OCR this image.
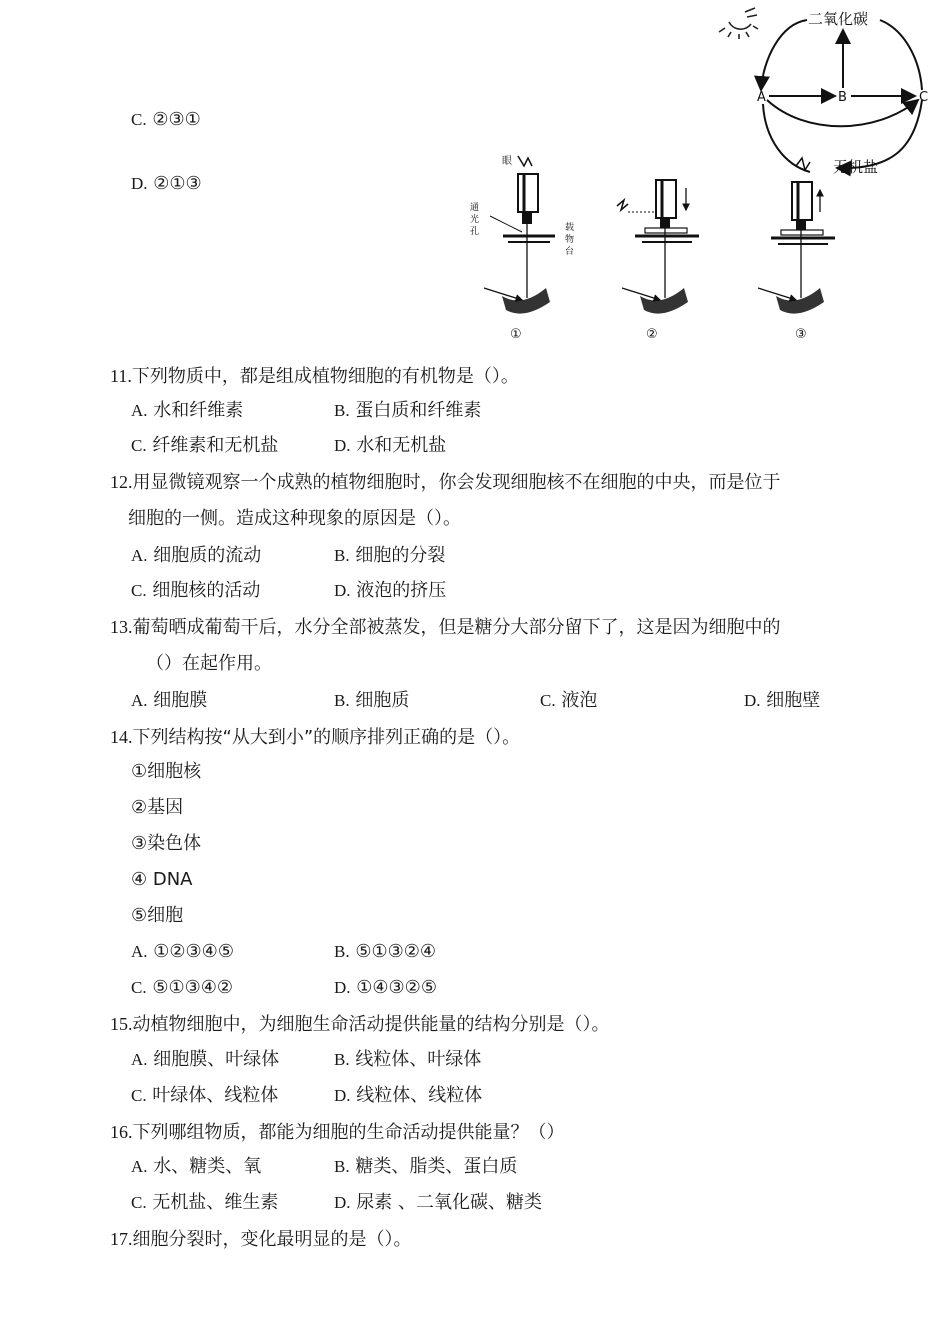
C. ②③①
D. ②①③
二氧化碳
A	B	C
无机盐
眼
通
光
孔	载
物
台
①	②	③
11.下列物质中，都是组成植物细胞的有机物是（）。
A. 水和纤维素	B. 蛋白质和纤维素
C. 纤维素和无机盐	D. 水和无机盐
12.用显微镜观察一个成熟的植物细胞时，你会发现细胞核不在细胞的中央，而是位于
细胞的一侧。造成这种现象的原因是（）。
A. 细胞质的流动	B. 细胞的分裂
C. 细胞核的活动	D. 液泡的挤压
13.葡萄晒成葡萄干后，水分全部被蒸发，但是糖分大部分留下了，这是因为细胞中的
（）在起作用。
A. 细胞膜	B. 细胞质	C. 液泡	D. 细胞壁
14.下列结构按“从大到小”的顺序排列正确的是（）。
①细胞核
②基因
③染色体
④ DNA
⑤细胞
A. ①②③④⑤	B. ⑤①③②④
C. ⑤①③④②	D. ①④③②⑤
15.动植物细胞中，为细胞生命活动提供能量的结构分别是（）。
A. 细胞膜、叶绿体	B. 线粒体、叶绿体
C. 叶绿体、线粒体	D. 线粒体、线粒体
16.下列哪组物质，都能为细胞的生命活动提供能量？（）
A. 水、糖类、氧	B. 糖类、脂类、蛋白质
C. 无机盐、维生素	D. 尿素 、二氧化碳、糖类
17.细胞分裂时，变化最明显的是（）。
